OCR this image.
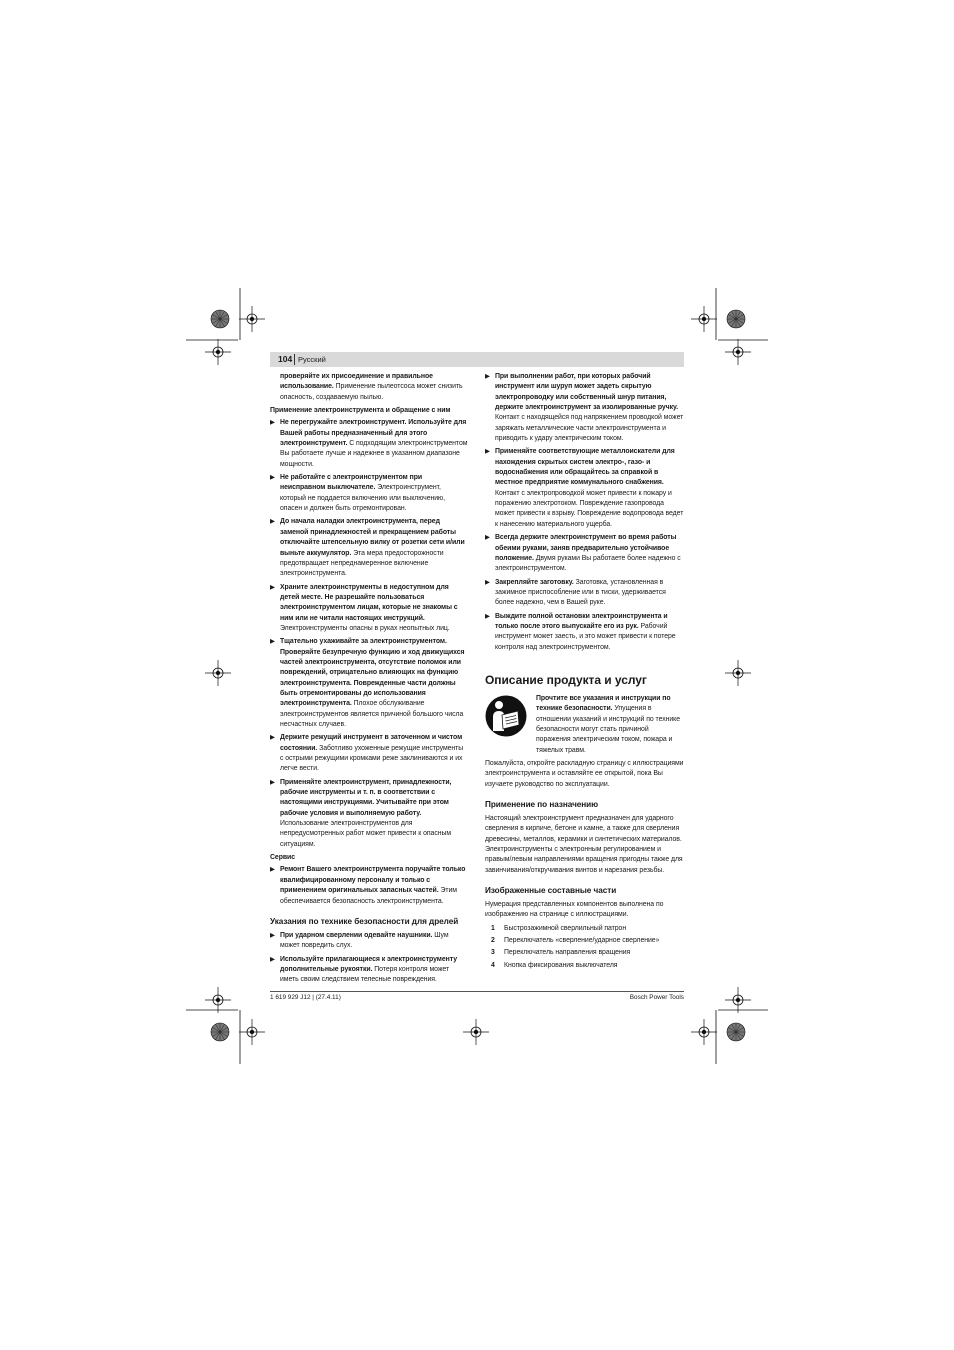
104 Русский

проверяйте их присоединение и правильное использование. Применение пылеотсоса может снизить опасность, создаваемую пылью.

Применение электроинструмента и обращение с ним
▶ Не перегружайте электроинструмент. Используйте для Вашей работы предназначенный для этого электроинструмент. С подходящим электроинструментом Вы работаете лучше и надежнее в указанном диапазоне мощности.
▶ Не работайте с электроинструментом при неисправном выключателе. Электроинструмент, который не поддается включению или выключению, опасен и должен быть отремонтирован.
▶ До начала наладки электроинструмента, перед заменой принадлежностей и прекращением работы отключайте штепсельную вилку от розетки сети и/или выньте аккумулятор. Эта мера предосторожности предотвращает непреднамеренное включение электроинструмента.
▶ Храните электроинструменты в недоступном для детей месте. Не разрешайте пользоваться электроинструментом лицам, которые не знакомы с ним или не читали настоящих инструкций. Электроинструменты опасны в руках неопытных лиц.
▶ Тщательно ухаживайте за электроинструментом. Проверяйте безупречную функцию и ход движущихся частей электроинструмента, отсутствие поломок или повреждений, отрицательно влияющих на функцию электроинструмента. Поврежденные части должны быть отремонтированы до использования электроинструмента. Плохое обслуживание электроинструментов является причиной большого числа несчастных случаев.
▶ Держите режущий инструмент в заточенном и чистом состоянии. Заботливо ухоженные режущие инструменты с острыми режущими кромками реже заклиниваются и их легче вести.
▶ Применяйте электроинструмент, принадлежности, рабочие инструменты и т. п. в соответствии с настоящими инструкциями. Учитывайте при этом рабочие условия и выполняемую работу. Использование электроинструментов для непредусмотренных работ может привести к опасным ситуациям.
Сервис
▶ Ремонт Вашего электроинструмента поручайте только квалифицированному персоналу и только с применением оригинальных запасных частей. Этим обеспечивается безопасность электроинструмента.
Указания по технике безопасности для дрелей
▶ При ударном сверлении одевайте наушники. Шум может повредить слух.
▶ Используйте прилагающиеся к электроинструменту дополнительные рукоятки. Потеря контроля может иметь своим следствием телесные повреждения.
▶ При выполнении работ, при которых рабочий инструмент или шуруп может задеть скрытую электропроводку или собственный шнур питания, держите электроинструмент за изолированные ручку. Контакт с находящейся под напряжением проводкой может заряжать металлические части электроинструмента и приводить к удару электрическим током.
▶ Применяйте соответствующие металлоискатели для нахождения скрытых систем электро-, газо- и водоснабжения или обращайтесь за справкой в местное предприятие коммунального снабжения. Контакт с электропроводкой может привести к пожару и поражению электротоком. Повреждение газопровода может привести к взрыву. Повреждение водопровода ведет к нанесению материального ущерба.
▶ Всегда держите электроинструмент во время работы обеими руками, заняв предварительно устойчивое положение. Двумя руками Вы работаете более надежно с электроинструментом.
▶ Закрепляйте заготовку. Заготовка, установленная в зажимное приспособление или в тиски, удерживается более надежно, чем в Вашей руке.
▶ Выждите полной остановки электроинструмента и только после этого выпускайте его из рук. Рабочий инструмент может заесть, и это может привести к потере контроля над электроинструментом.
Описание продукта и услуг
Прочтите все указания и инструкции по технике безопасности. Упущения в отношении указаний и инструкций по технике безопасности могут стать причиной поражения электрическим током, пожара и тяжелых травм.

Пожалуйста, откройте раскладную страницу с иллюстрациями электроинструмента и оставляйте ее открытой, пока Вы изучаете руководство по эксплуатации.

Применение по назначению

Настоящий электроинструмент предназначен для ударного сверления в кирпиче, бетоне и камне, а также для сверления древесины, металлов, керамики и синтетических материалов. Электроинструменты с электронным регулированием и правым/левым направлениями вращения пригодны также для завинчивания/откручивания винтов и нарезания резьбы.

Изображенные составные части

Нумерация представленных компонентов выполнена по изображению на странице с иллюстрациями.

1 Быстрозажимной сверлильный патрон
2 Переключатель «сверление/ударное сверление»
3 Переключатель направления вращения
4 Кнопка фиксирования выключателя
1 619 929 J12 | (27.4.11)	Bosch Power Tools
